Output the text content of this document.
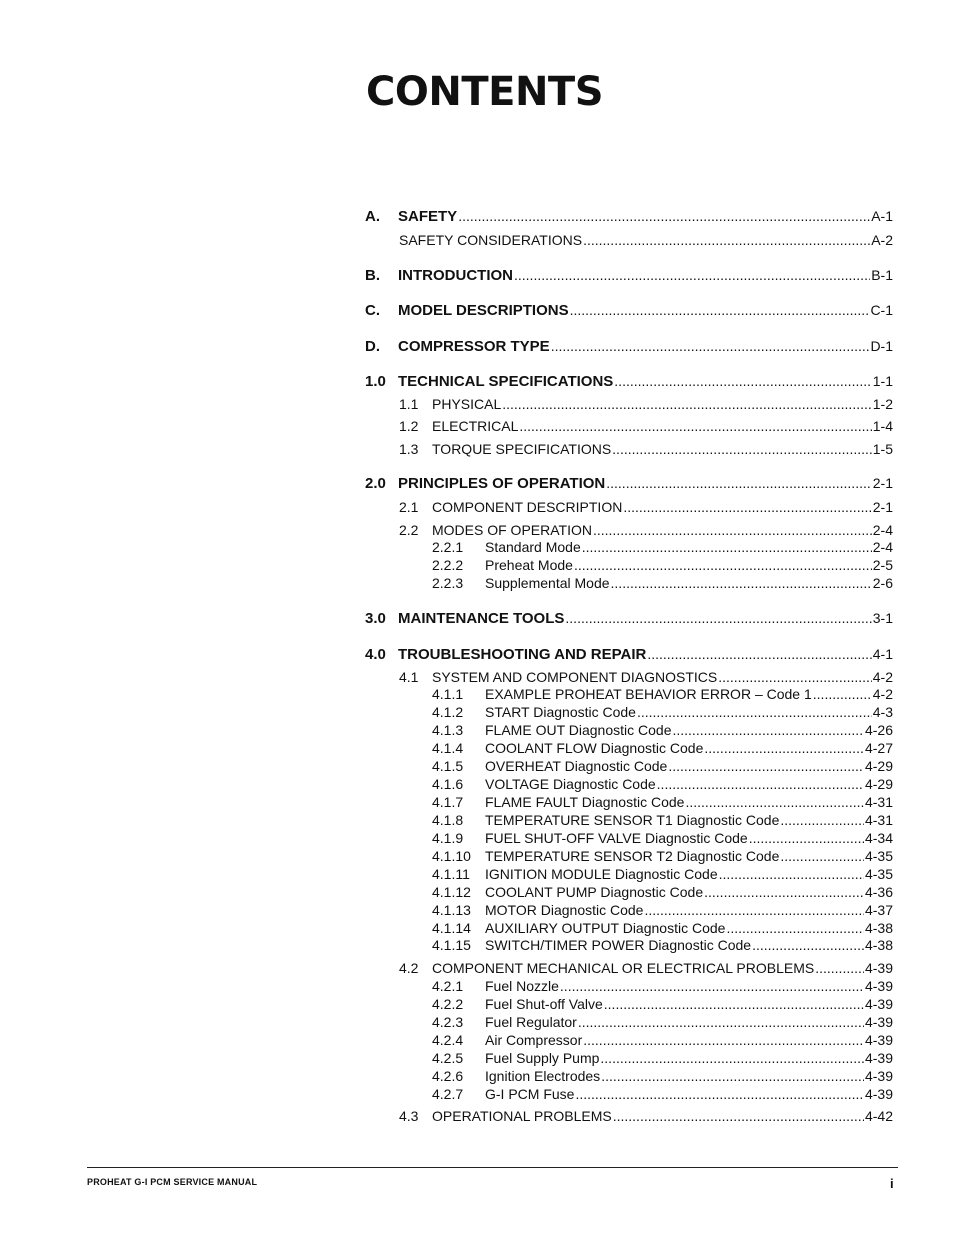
CONTENTS
A.	SAFETY .....	A-1
SAFETY CONSIDERATIONS .....	A-2
B.	INTRODUCTION .....	B-1
C.	MODEL DESCRIPTIONS .....	C-1
D.	COMPRESSOR TYPE .....	D-1
1.0 TECHNICAL SPECIFICATIONS .....	1-1
1.1 PHYSICAL .....	1-2
1.2 ELECTRICAL .....	1-4
1.3 TORQUE SPECIFICATIONS .....	1-5
2.0 PRINCIPLES OF OPERATION .....	2-1
2.1 COMPONENT DESCRIPTION .....	2-1
2.2 MODES OF OPERATION .....	2-4
2.2.1	Standard Mode .....	2-4
2.2.2	Preheat Mode .....	2-5
2.2.3	Supplemental Mode .....	2-6
3.0 MAINTENANCE TOOLS .....	3-1
4.0 TROUBLESHOOTING AND REPAIR .....	4-1
4.1 SYSTEM AND COMPONENT DIAGNOSTICS .....	4-2
4.1.1	EXAMPLE PROHEAT BEHAVIOR ERROR – Code 1 .....	4-2
4.1.2	START Diagnostic Code .....	4-3
4.1.3	FLAME OUT Diagnostic Code .....	4-26
4.1.4	COOLANT FLOW Diagnostic Code .....	4-27
4.1.5	OVERHEAT Diagnostic Code .....	4-29
4.1.6	VOLTAGE Diagnostic Code .....	4-29
4.1.7	FLAME FAULT Diagnostic Code .....	4-31
4.1.8	TEMPERATURE SENSOR T1 Diagnostic Code .....	4-31
4.1.9	FUEL SHUT-OFF VALVE Diagnostic Code .....	4-34
4.1.10	TEMPERATURE SENSOR T2 Diagnostic Code .....	4-35
4.1.11	IGNITION MODULE Diagnostic Code .....	4-35
4.1.12	COOLANT PUMP Diagnostic Code .....	4-36
4.1.13	MOTOR Diagnostic Code .....	4-37
4.1.14	AUXILIARY OUTPUT Diagnostic Code .....	4-38
4.1.15	SWITCH/TIMER POWER Diagnostic Code .....	4-38
4.2 COMPONENT MECHANICAL OR ELECTRICAL PROBLEMS .....	4-39
4.2.1	Fuel Nozzle .....	4-39
4.2.2	Fuel Shut-off Valve .....	4-39
4.2.3	Fuel Regulator .....	4-39
4.2.4	Air Compressor .....	4-39
4.2.5	Fuel Supply Pump .....	4-39
4.2.6	Ignition Electrodes .....	4-39
4.2.7	G-I PCM Fuse .....	4-39
4.3 OPERATIONAL PROBLEMS .....	4-42
PROHEAT G-I PCM SERVICE MANUAL	i
